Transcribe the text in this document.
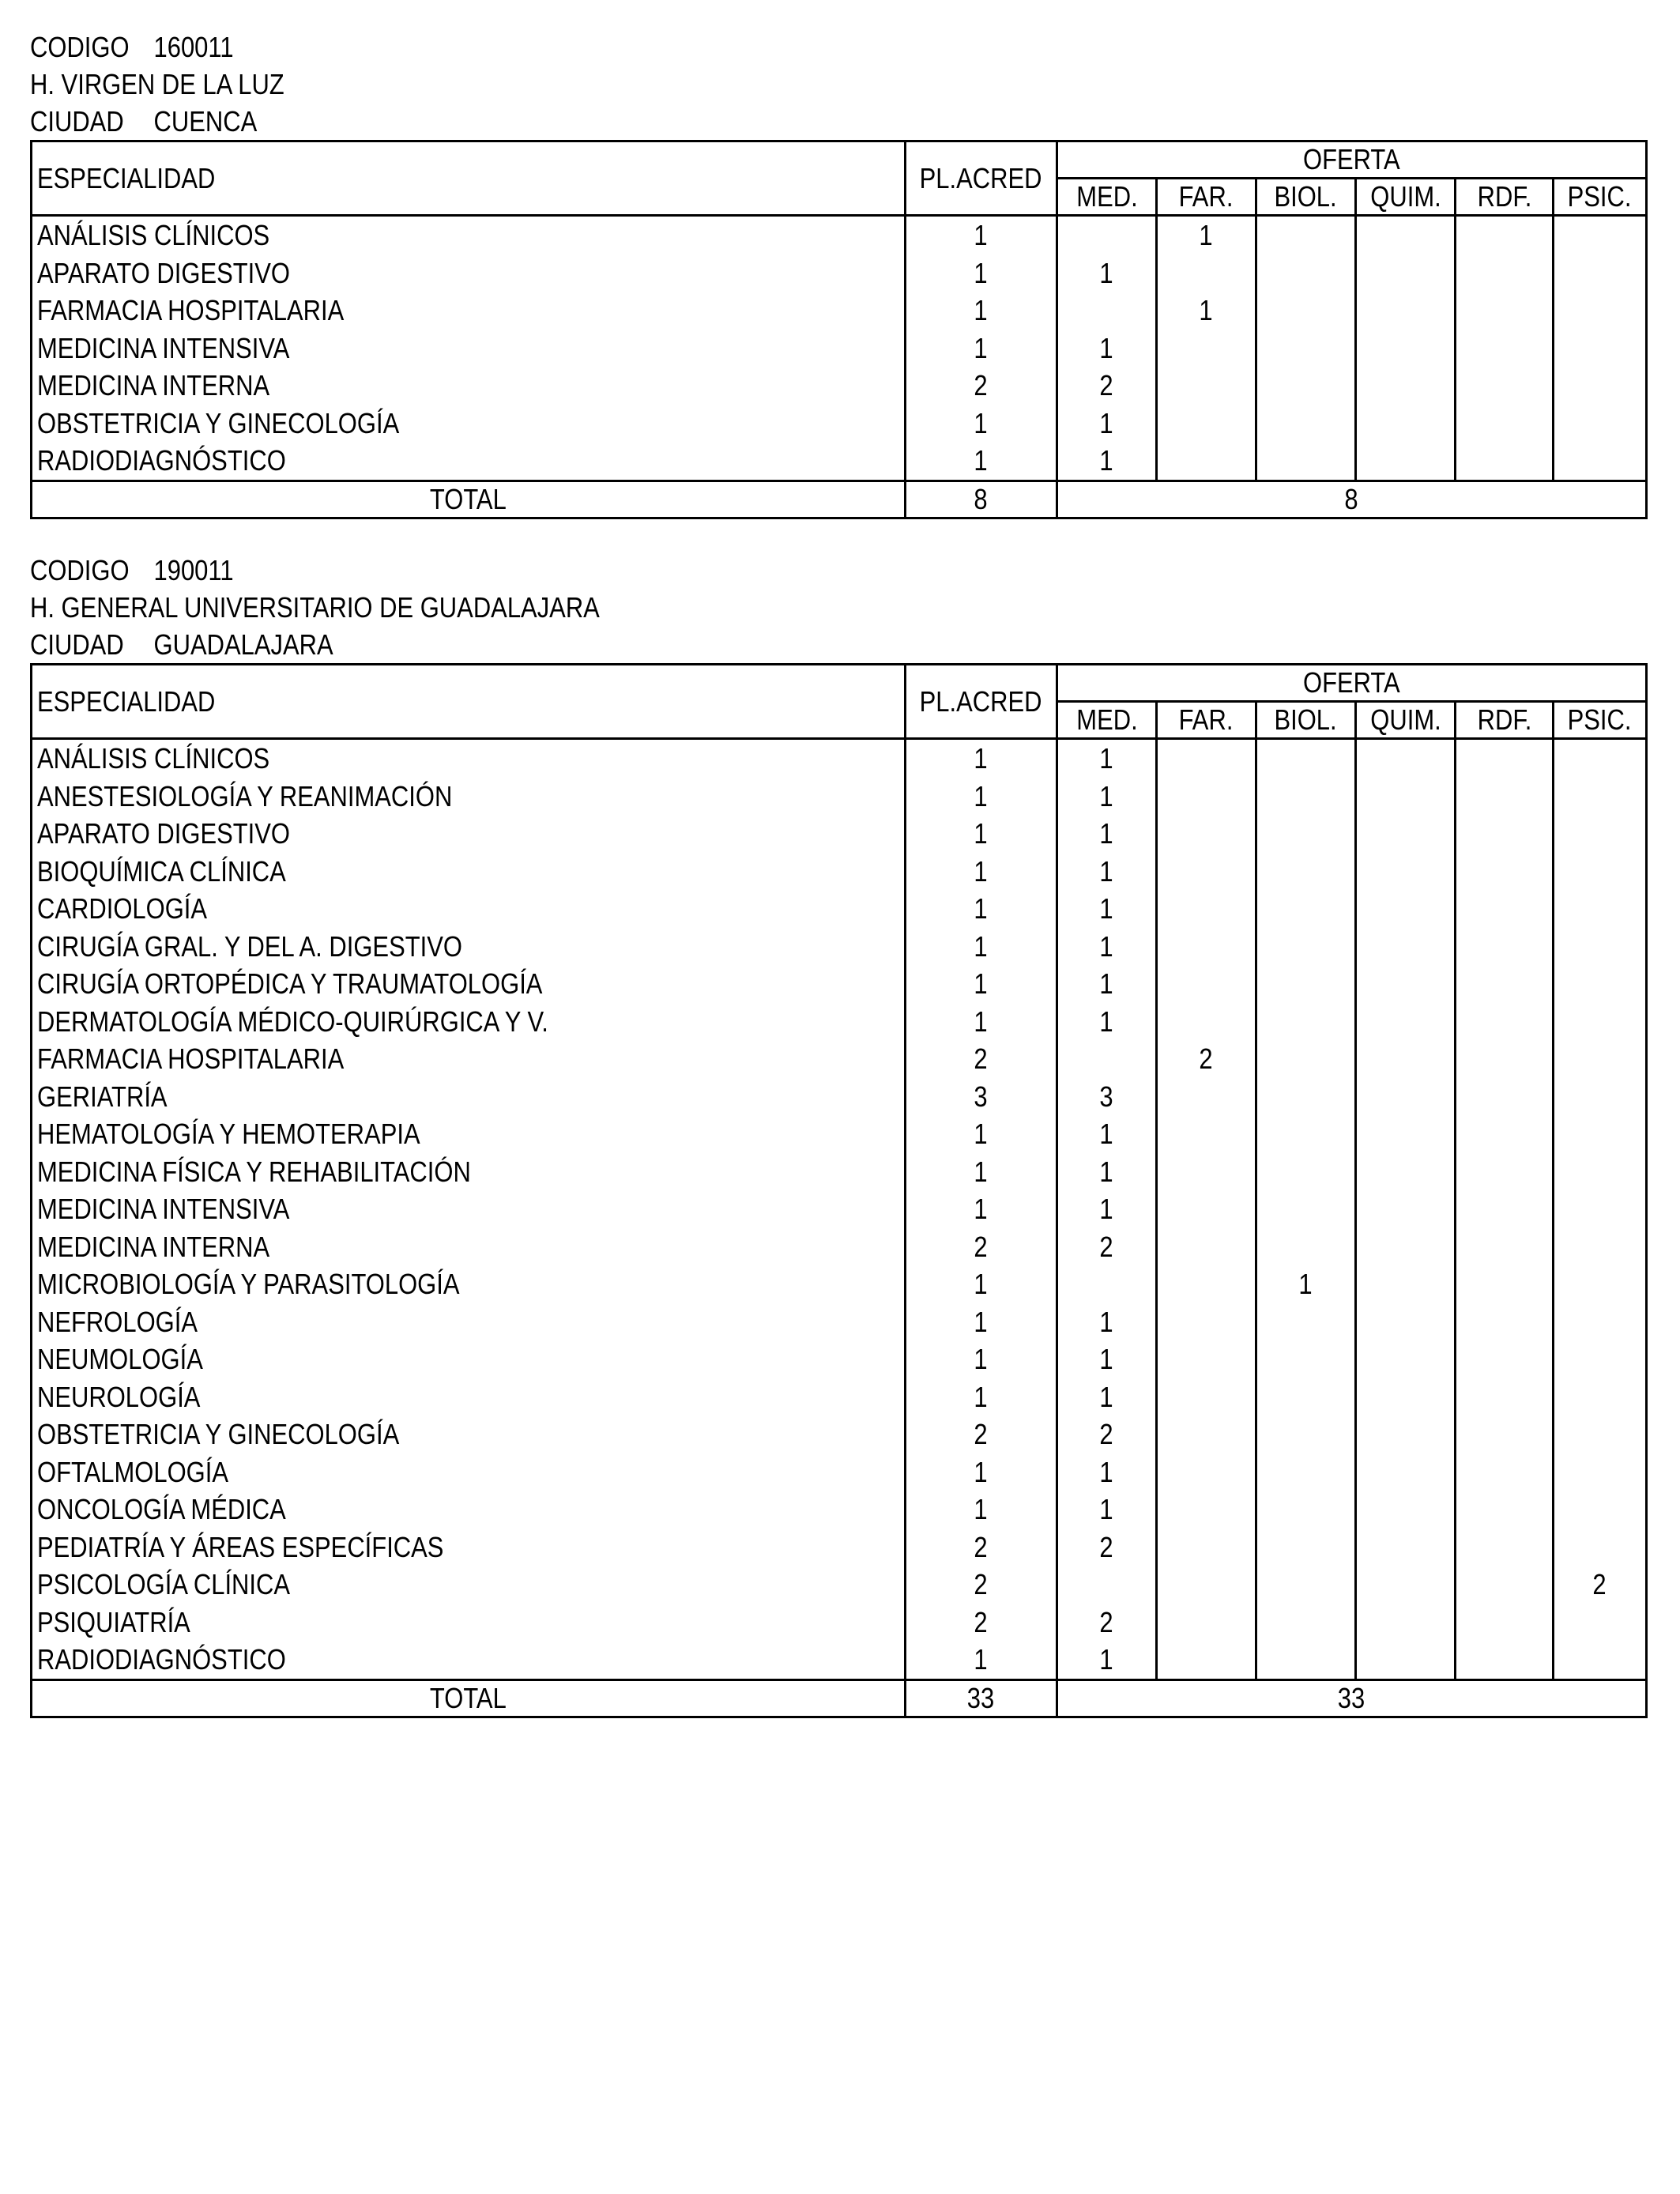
CODIGO 160011
H. VIRGEN DE LA LUZ
CIUDAD CUENCA
ESPECIALIDAD	PL.ACRED	OFERTA					
		MED.	FAR.	BIOL.	QUIM.	RDF.	PSIC.
ANÁLISIS CLÍNICOS	1		1				
APARATO DIGESTIVO	1	1					
FARMACIA HOSPITALARIA	1		1				
MEDICINA INTENSIVA	1	1					
MEDICINA INTERNA	2	2					
OBSTETRICIA Y GINECOLOGÍA	1	1					
RADIODIAGNÓSTICO	1	1					
TOTAL	8	8					
CODIGO 190011
H. GENERAL UNIVERSITARIO DE GUADALAJARA
CIUDAD GUADALAJARA
ESPECIALIDAD	PL.ACRED	OFERTA					
		MED.	FAR.	BIOL.	QUIM.	RDF.	PSIC.
ANÁLISIS CLÍNICOS	1	1					
ANESTESIOLOGÍA Y REANIMACIÓN	1	1					
APARATO DIGESTIVO	1	1					
BIOQUÍMICA CLÍNICA	1	1					
CARDIOLOGÍA	1	1					
CIRUGÍA GRAL. Y DEL A. DIGESTIVO	1	1					
CIRUGÍA ORTOPÉDICA Y TRAUMATOLOGÍA	1	1					
DERMATOLOGÍA MÉDICO-QUIRÚRGICA Y V.	1	1					
FARMACIA HOSPITALARIA	2		2				
GERIATRÍA	3	3					
HEMATOLOGÍA Y HEMOTERAPIA	1	1					
MEDICINA FÍSICA Y REHABILITACIÓN	1	1					
MEDICINA INTENSIVA	1	1					
MEDICINA INTERNA	2	2					
MICROBIOLOGÍA Y PARASITOLOGÍA	1			1			
NEFROLOGÍA	1	1					
NEUMOLOGÍA	1	1					
NEUROLOGÍA	1	1					
OBSTETRICIA Y GINECOLOGÍA	2	2					
OFTALMOLOGÍA	1	1					
ONCOLOGÍA MÉDICA	1	1					
PEDIATRÍA Y ÁREAS ESPECÍFICAS	2	2					
PSICOLOGÍA CLÍNICA	2						2
PSIQUIATRÍA	2	2					
RADIODIAGNÓSTICO	1	1					
TOTAL	33	33					
